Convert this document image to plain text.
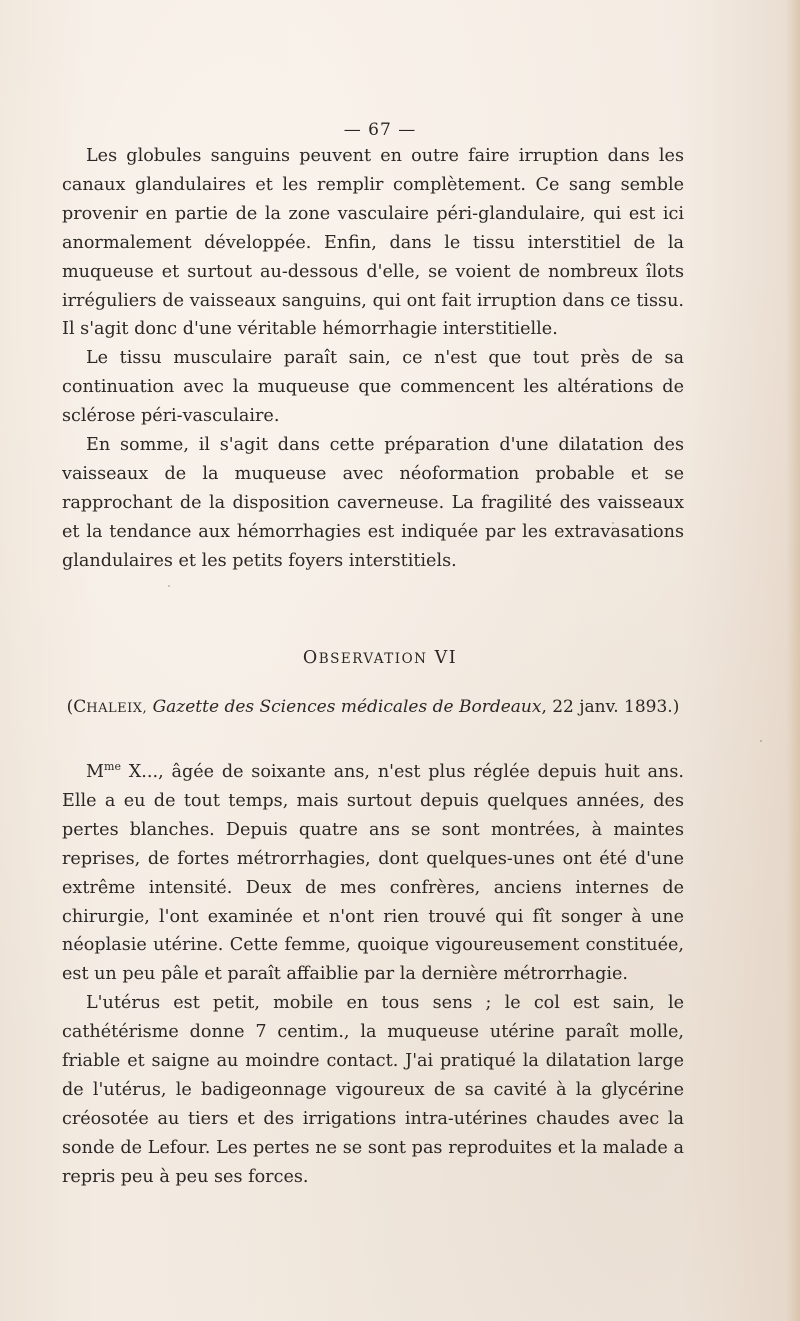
— 67 —

Les globules sanguins peuvent en outre faire irruption dans les canaux glandulaires et les remplir complètement. Ce sang semble provenir en partie de la zone vasculaire péri-glandulaire, qui est ici anormalement développée. Enfin, dans le tissu interstitiel de la muqueuse et surtout au-dessous d'elle, se voient de nombreux îlots irréguliers de vaisseaux sanguins, qui ont fait irruption dans ce tissu. Il s'agit donc d'une véritable hémorrhagie interstitielle.

Le tissu musculaire paraît sain, ce n'est que tout près de sa continuation avec la muqueuse que commencent les altérations de sclérose péri-vasculaire.

En somme, il s'agit dans cette préparation d'une dilatation des vaisseaux de la muqueuse avec néoformation probable et se rapprochant de la disposition caverneuse. La fragilité des vaisseaux et la tendance aux hémorrhagies est indiquée par les extravasations glandulaires et les petits foyers interstitiels.

OBSERVATION VI
(CHALEIX, Gazette des Sciences médicales de Bordeaux, 22 janv. 1893.)

$M^{me}$ X..., âgée de soixante ans, n'est plus réglée depuis huit ans. Elle a eu de tout temps, mais surtout depuis quelques années, des pertes blanches. Depuis quatre ans se sont montrées, à maintes reprises, de fortes métrorrhagies, dont quelques-unes ont été d'une extrême intensité. Deux de mes confrères, anciens internes de chirurgie, l'ont examinée et n'ont rien trouvé qui fît songer à une néoplasie utérine. Cette femme, quoique vigoureusement constituée, est un peu pâle et paraît affaiblie par la dernière métrorrhagie.

L'utérus est petit, mobile en tous sens ; le col est sain, le cathétérisme donne 7 centim., la muqueuse utérine paraît molle, friable et saigne au moindre contact. J'ai pratiqué la dilatation large de l'utérus, le badigeonnage vigoureux de sa cavité à la glycérine créosotée au tiers et des irrigations intra-utérines chaudes avec la sonde de Lefour. Les pertes ne se sont pas reproduites et la malade a repris peu à peu ses forces.
